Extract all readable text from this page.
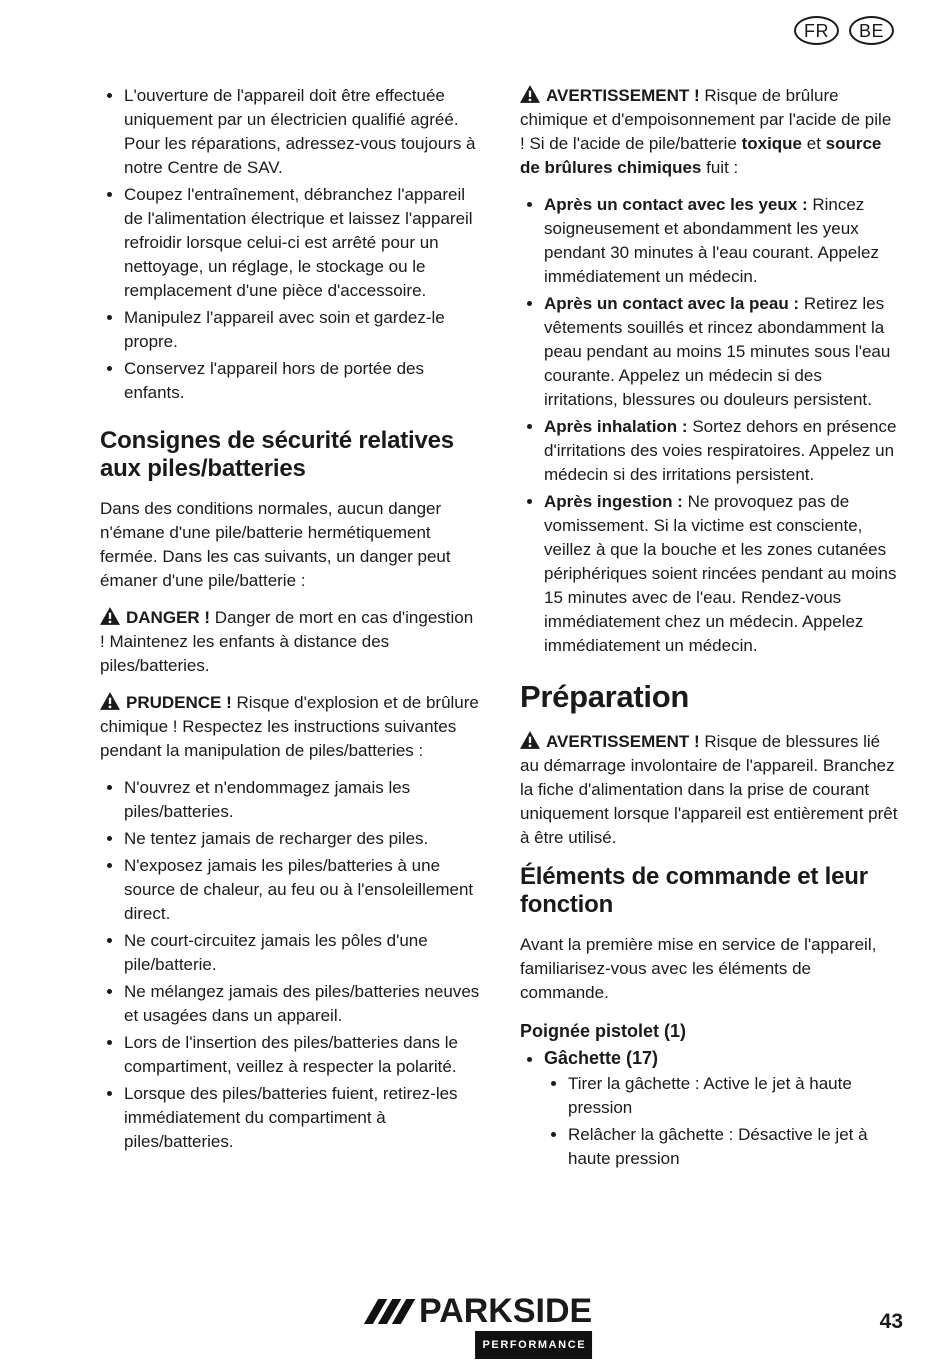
FR	BE
• L'ouverture de l'appareil doit être effectuée uniquement par un électricien qualifié agréé. Pour les réparations, adressez-vous toujours à notre Centre de SAV.
• Coupez l'entraînement, débranchez l'appareil de l'alimentation électrique et laissez l'appareil refroidir lorsque celui-ci est arrêté pour un nettoyage, un réglage, le stockage ou le remplacement d'une pièce d'accessoire.
• Manipulez l'appareil avec soin et gardez-le propre.
• Conservez l'appareil hors de portée des enfants.
Consignes de sécurité relatives aux piles/batteries

Dans des conditions normales, aucun danger n'émane d'une pile/batterie hermétiquement fermée. Dans les cas suivants, un danger peut émaner d'une pile/batterie :

DANGER ! Danger de mort en cas d'ingestion ! Maintenez les enfants à distance des piles/batteries.

PRUDENCE ! Risque d'explosion et de brûlure chimique ! Respectez les instructions suivantes pendant la manipulation de piles/batteries :

• N'ouvrez et n'endommagez jamais les piles/batteries.
• Ne tentez jamais de recharger des piles.
• N'exposez jamais les piles/batteries à une source de chaleur, au feu ou à l'ensoleillement direct.
• Ne court-circuitez jamais les pôles d'une pile/batterie.
• Ne mélangez jamais des piles/batteries neuves et usagées dans un appareil.
• Lors de l'insertion des piles/batteries dans le compartiment, veillez à respecter la polarité.
• Lorsque des piles/batteries fuient, retirez-les immédiatement du compartiment à piles/batteries.

AVERTISSEMENT ! Risque de brûlure chimique et d'empoisonnement par l'acide de pile ! Si de l'acide de pile/batterie toxique et source de brûlures chimiques fuit :

• Après un contact avec les yeux : Rincez soigneusement et abondamment les yeux pendant 30 minutes à l'eau courant. Appelez immédiatement un médecin.
• Après un contact avec la peau : Retirez les vêtements souillés et rincez abondamment la peau pendant au moins 15 minutes sous l'eau courante. Appelez un médecin si des irritations, blessures ou douleurs persistent.
• Après inhalation : Sortez dehors en présence d'irritations des voies respiratoires. Appelez un médecin si des irritations persistent.
• Après ingestion : Ne provoquez pas de vomissement. Si la victime est consciente, veillez à que la bouche et les zones cutanées périphériques soient rincées pendant au moins 15 minutes avec de l'eau. Rendez-vous immédiatement chez un médecin. Appelez immédiatement un médecin.
Préparation

AVERTISSEMENT ! Risque de blessures lié au démarrage involontaire de l'appareil. Branchez la fiche d'alimentation dans la prise de courant uniquement lorsque l'appareil est entièrement prêt à être utilisé.

Éléments de commande et leur fonction

Avant la première mise en service de l'appareil, familiarisez-vous avec les éléments de commande.

Poignée pistolet (1)

• Gâchette (17)
• Tirer la gâchette : Active le jet à haute pression
• Relâcher la gâchette : Désactive le jet à haute pression
PARKSIDE
PERFORMANCE
43
